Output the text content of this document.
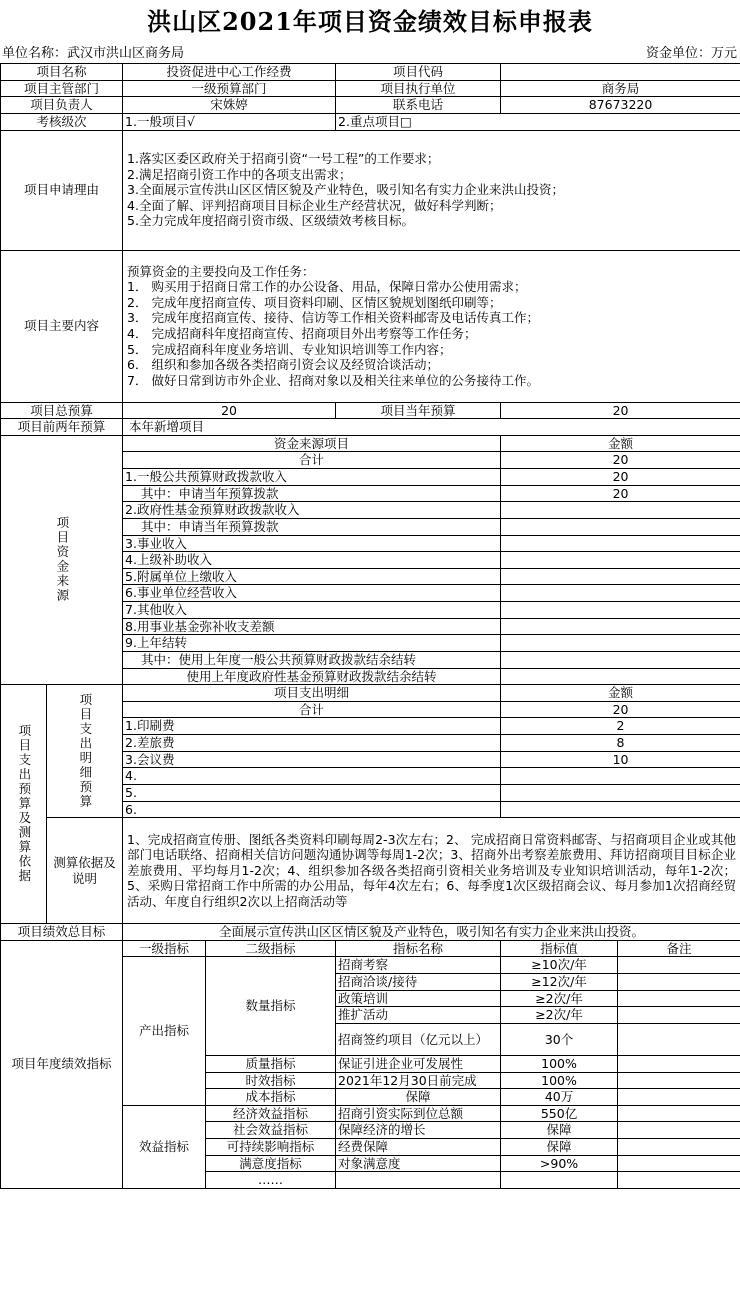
洪山区2021年项目资金绩效目标申报表
单位名称：武汉市洪山区商务局	资金单位：万元
项目名称		投资促进中心工作经费		项目代码		
项目主管部门		一级预算部门		项目执行单位	商务局	
项目负责人		宋姝婷		联系电话	87673220	
考核级次		1.一般项目√		2.重点项目□		
项目申请理由		1.落实区委区政府关于招商引资“一号工程”的工作要求；
2.满足招商引资工作中的各项支出需求；
3.全面展示宣传洪山区区情区貌及产业特色，吸引知名有实力企业来洪山投资；
4.全面了解、评判招商项目目标企业生产经营状况，做好科学判断；
5.全力完成年度招商引资市级、区级绩效考核目标。				

项目主要内容	
预算资金的主要投向及工作任务：
1． 购买用于招商日常工作的办公设备、用品，保障日常办公使用需求；
2． 完成年度招商宣传、项目资料印刷、区情区貌规划图纸印刷等；
3． 完成年度招商宣传、接待、信访等工作相关资料邮寄及电话传真工作；
4． 完成招商科年度招商宣传、招商项目外出考察等工作任务；
5． 完成招商科年度业务培训、专业知识培训等工作内容；
6． 组织和参加各级各类招商引资会议及经贸洽谈活动；
7． 做好日常到访市外企业、招商对象以及相关往来单位的公务接待工作。

项目总预算		20		项目当年预算	20	
项目前两年预算		本年新增项目				

项目资金来源		资金来源项目			金额	
		合计			20	
		1.一般公共预算财政拨款收入			20	
		其中：申请当年预算拨款			20	
		2.政府性基金预算财政拨款收入				
		其中：申请当年预算拨款				
		3.事业收入				
		4.上级补助收入				
		5.附属单位上缴收入				
		6.事业单位经营收入				
		7.其他收入				
		8.用事业基金弥补收支差额				
		9.上年结转				
		其中：使用上年度一般公共预算财政拨款结余结转				
		使用上年度政府性基金预算财政拨款结余结转				

项目支出预算及测算依据	项目支出明细预算	项目支出明细			金额	
		合计			20	
		1.印刷费			2	
		2.差旅费			8	
		3.会议费			10	
		4.				
		5.				
		6.				
	测算依据及说明	1、完成招商宣传册、图纸各类资料印刷每周2-3次左右；2、 完成招商日常资料邮寄、与招商项目企业或其他部门电话联络、招商相关信访问题沟通协调等每周1-2次；3、招商外出考察差旅费用、拜访招商项目目标企业差旅费用、平均每月1-2次；4、组织参加各级各类招商引资相关业务培训及专业知识培训活动，每年1-2次；5、采购日常招商工作中所需的办公用品，每年4次左右；6、每季度1次区级招商会议、每月参加1次招商经贸活动、年度自行组织2次以上招商活动等				

项目绩效总目标		全面展示宣传洪山区区情区貌及产业特色，吸引知名有实力企业来洪山投资。				

项目年度绩效指标		一级指标	二级指标	指标名称	指标值	备注
		产出指标	数量指标	招商考察	≥10次/年	
				招商洽谈/接待	≥12次/年	
				政策培训	≥2次/年	
				推扩活动	≥2次/年	
				招商签约项目（亿元以上）	30个	
			质量指标	保证引进企业可发展性	100%	
			时效指标	2021年12月30日前完成	100%	
			成本指标	保障	40万	
		效益指标	经济效益指标	招商引资实际到位总额	550亿	
			社会效益指标	保障经济的增长	保障	
			可持续影响指标	经费保障	保障	
			满意度指标	对象满意度	>90%	
			……			
